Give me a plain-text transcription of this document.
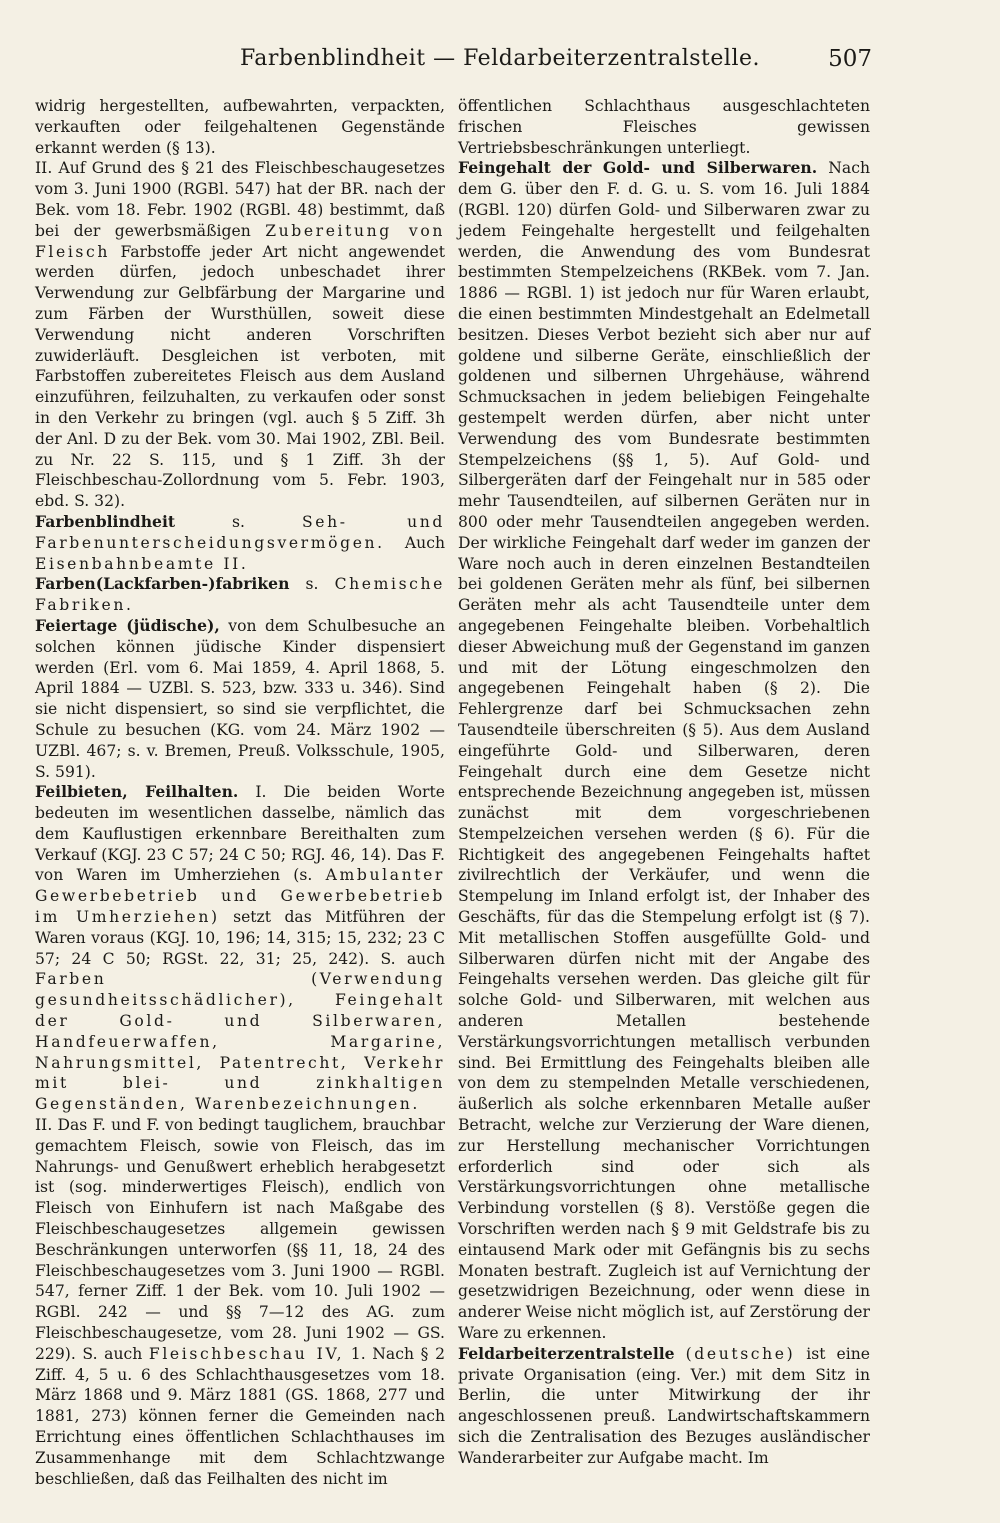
Farbenblindheit — Feldarbeiterzentralstelle.	507

widrig hergestellten, aufbewahrten, verpackten, verkauften oder feilgehaltenen Gegenstände erkannt werden (§ 13).

II. Auf Grund des § 21 des Fleischbeschaugesetzes vom 3. Juni 1900 (RGBl. 547) hat der BR. nach der Bek. vom 18. Febr. 1902 (RGBl. 48) bestimmt, daß bei der gewerbsmäßigen Zubereitung von Fleisch Farbstoffe jeder Art nicht angewendet werden dürfen, jedoch unbeschadet ihrer Verwendung zur Gelbfärbung der Margarine und zum Färben der Wursthüllen, soweit diese Verwendung nicht anderen Vorschriften zuwiderläuft. Desgleichen ist verboten, mit Farbstoffen zubereitetes Fleisch aus dem Ausland einzuführen, feilzuhalten, zu verkaufen oder sonst in den Verkehr zu bringen (vgl. auch § 5 Ziff. 3h der Anl. D zu der Bek. vom 30. Mai 1902, ZBl. Beil. zu Nr. 22 S. 115, und § 1 Ziff. 3h der Fleischbeschau-Zollordnung vom 5. Febr. 1903, ebd. S. 32).

Farbenblindheit	s.	Seh- und Farbenunterscheidungsvermögen. Auch Eisenbahnbeamte II.

Farben(Lackfarben-)fabriken s. Chemische Fabriken.

Feiertage (jüdische), von dem Schulbesuche an solchen können jüdische Kinder dispensiert werden (Erl. vom 6. Mai 1859, 4. April 1868, 5. April 1884 — UZBl. S. 523, bzw. 333 u. 346). Sind sie nicht dispensiert, so sind sie verpflichtet, die Schule zu besuchen (KG. vom 24. März 1902 — UZBl. 467; s. v. Bremen, Preuß. Volksschule, 1905, S. 591).

Feilbieten, Feilhalten. I. Die beiden Worte bedeuten im wesentlichen dasselbe, nämlich das dem Kauflustigen erkennbare Bereithalten zum Verkauf (KGJ. 23 C 57; 24 C 50; RGJ. 46, 14). Das F. von Waren im Umherziehen (s. Ambulanter Gewerbebetrieb und Gewerbebetrieb im Umherziehen) setzt das Mitführen der Waren voraus (KGJ. 10, 196; 14, 315; 15, 232; 23 C 57; 24 C 50; RGSt. 22, 31; 25, 242). S. auch Farben (Verwendung gesundheitsschädlicher), Feingehalt der Gold- und Silberwaren, Handfeuerwaffen, Margarine, Nahrungsmittel, Patentrecht, Verkehr mit blei- und zinkhaltigen Gegenständen, Warenbezeichnungen.

II. Das F. und F. von bedingt tauglichem, brauchbar gemachtem Fleisch, sowie von Fleisch, das im Nahrungs- und Genußwert erheblich herabgesetzt ist (sog. minderwertiges Fleisch), endlich von Fleisch von Einhufern ist nach Maßgabe des Fleischbeschaugesetzes allgemein gewissen Beschränkungen unterworfen (§§ 11, 18, 24 des Fleischbeschaugesetzes vom 3. Juni 1900 — RGBl. 547, ferner Ziff. 1 der Bek. vom 10. Juli 1902 — RGBl. 242 — und §§ 7—12 des AG. zum Fleischbeschaugesetze, vom 28. Juni 1902 — GS. 229). S. auch Fleischbeschau IV, 1. Nach § 2 Ziff. 4, 5 u. 6 des Schlachthausgesetzes vom 18. März 1868 und 9. März 1881 (GS. 1868, 277 und 1881, 273) können ferner die Gemeinden nach Errichtung eines öffentlichen Schlachthauses im Zusammenhange mit dem Schlachtzwange beschließen, daß das Feilhalten des nicht im

öffentlichen Schlachthaus ausgeschlachteten frischen Fleisches gewissen Vertriebsbeschränkungen unterliegt.

Feingehalt der Gold- und Silberwaren. Nach dem G. über den F. d. G. u. S. vom 16. Juli 1884 (RGBl. 120) dürfen Gold- und Silberwaren zwar zu jedem Feingehalte hergestellt und feilgehalten werden, die Anwendung des vom Bundesrat bestimmten Stempelzeichens (RKBek. vom 7. Jan. 1886 — RGBl. 1) ist jedoch nur für Waren erlaubt, die einen bestimmten Mindestgehalt an Edelmetall besitzen. Dieses Verbot bezieht sich aber nur auf goldene und silberne Geräte, einschließlich der goldenen und silbernen Uhrgehäuse, während Schmucksachen in jedem beliebigen Feingehalte gestempelt werden dürfen, aber nicht unter Verwendung des vom Bundesrate bestimmten Stempelzeichens (§§ 1, 5). Auf Gold- und Silbergeräten darf der Feingehalt nur in 585 oder mehr Tausendteilen, auf silbernen Geräten nur in 800 oder mehr Tausendteilen angegeben werden. Der wirkliche Feingehalt darf weder im ganzen der Ware noch auch in deren einzelnen Bestandteilen bei goldenen Geräten mehr als fünf, bei silbernen Geräten mehr als acht Tausendteile unter dem angegebenen Feingehalte bleiben. Vorbehaltlich dieser Abweichung muß der Gegenstand im ganzen und mit der Lötung eingeschmolzen den angegebenen Feingehalt haben (§ 2). Die Fehlergrenze darf bei Schmucksachen zehn Tausendteile überschreiten (§ 5). Aus dem Ausland eingeführte Gold- und Silberwaren, deren Feingehalt durch eine dem Gesetze nicht entsprechende Bezeichnung angegeben ist, müssen zunächst mit dem vorgeschriebenen Stempelzeichen versehen werden (§ 6). Für die Richtigkeit des angegebenen Feingehalts haftet zivilrechtlich der Verkäufer, und wenn die Stempelung im Inland erfolgt ist, der Inhaber des Geschäfts, für das die Stempelung erfolgt ist (§ 7). Mit metallischen Stoffen ausgefüllte Gold- und Silberwaren dürfen nicht mit der Angabe des Feingehalts versehen werden. Das gleiche gilt für solche Gold- und Silberwaren, mit welchen aus anderen Metallen bestehende Verstärkungsvorrichtungen metallisch verbunden sind. Bei Ermittlung des Feingehalts bleiben alle von dem zu stempelnden Metalle verschiedenen, äußerlich als solche erkennbaren Metalle außer Betracht, welche zur Verzierung der Ware dienen, zur Herstellung mechanischer Vorrichtungen erforderlich sind oder sich als Verstärkungsvorrichtungen ohne metallische Verbindung vorstellen (§ 8). Verstöße gegen die Vorschriften werden nach § 9 mit Geldstrafe bis zu eintausend Mark oder mit Gefängnis bis zu sechs Monaten bestraft. Zugleich ist auf Vernichtung der gesetzwidrigen Bezeichnung, oder wenn diese in anderer Weise nicht möglich ist, auf Zerstörung der Ware zu erkennen.

Feldarbeiterzentralstelle (deutsche) ist eine private Organisation (eing. Ver.) mit dem Sitz in Berlin, die unter Mitwirkung der ihr angeschlossenen preuß. Landwirtschaftskammern sich die Zentralisation des Bezuges ausländischer Wanderarbeiter zur Aufgabe macht. Im
